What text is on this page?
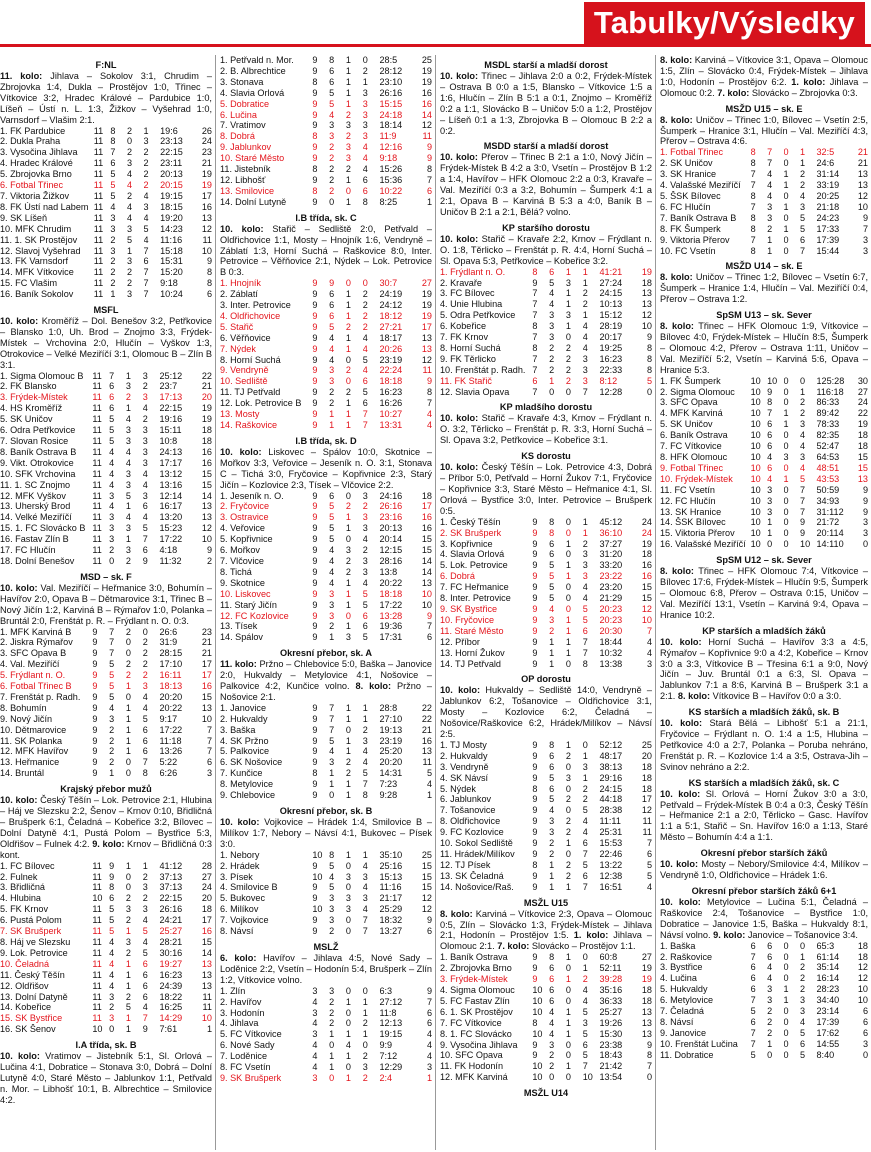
Tabulky/Výsledky
F:NL

11. kolo: Jihlava – Sokolov 3:1, Chrudim – Zbrojovka 1:4, Dukla – Prostějov 1:0, Třinec – Vítkovice 3:2, Hradec Králové – Pardubice 1:0, Líšeň – Ústí n. L. 1:3, Žižkov – Vyšehrad 1:0, Varnsdorf – Vlašim 2:1.

1. FK Pardubice	11	8	2	1	19:6	26
2. Dukla Praha	11	8	0	3	23:13	24
3. Vysočina Jihlava	11	7	2	2	22:15	23
4. Hradec Králové	11	6	3	2	23:11	21
5. Zbrojovka Brno	11	5	4	2	20:13	19
6. Fotbal Třinec	11	5	4	2	20:15	19
7. Viktoria Žižkov	11	5	2	4	19:15	17
8. FK Ústí nad Labem	11	4	4	3	18:15	16
9. SK Líšeň	11	3	4	4	19:20	13
10. MFK Chrudim	11	3	3	5	14:23	12
11. 1. SK Prostějov	11	2	5	4	11:16	11
12. Slavoj Vyšehrad	11	3	1	7	15:18	10
13. FK Varnsdorf	11	2	3	6	15:31	9
14. MFK Vítkovice	11	2	2	7	15:20	8
15. FC Vlašim	11	2	2	7	9:18	8
16. Baník Sokolov	11	1	3	7	10:24	6
MSFL

10. kolo: Kroměříž – Dol. Benešov 3:2, Petřkovice – Blansko 1:0, Uh. Brod – Znojmo 3:3, Frýdek-Místek – Vrchovina 2:0, Hlučín – Vyškov 1:3, Otrokovice – Velké Meziříčí 3:1, Olomouc B – Zlín B 3:1.

1. Sigma Olomouc B	11	7	1	3	25:12	22
2. FK Blansko	11	6	3	2	23:7	21
3. Frýdek-Místek	11	6	2	3	17:13	20
4. HS Kroměříž	11	6	1	4	22:15	19
5. SK Uničov	11	5	4	2	19:16	19
6. Odra Petřkovice	11	5	3	3	15:11	18
7. Slovan Rosice	11	5	3	3	10:8	18
8. Baník Ostrava B	11	4	4	3	24:13	16
9. Vikt. Otrokovice	11	4	4	3	17:17	16
10. SFK Vrchovina	11	4	3	4	13:12	15
11. 1. SC Znojmo	11	4	3	4	13:16	15
12. MFK Vyškov	11	3	5	3	12:14	14
13. Uherský Brod	11	4	1	6	16:17	13
14. Velké Meziříčí	11	3	4	4	13:20	13
15. 1. FC Slovácko B	11	3	3	5	15:23	12
16. Fastav Zlín B	11	3	1	7	17:22	10
17. FC Hlučín	11	2	3	6	4:18	9
18. Dolní Benešov	11	0	2	9	11:32	2
MSD – sk. F

10. kolo: Val. Meziříčí – Heřmanice 3:0, Bohumín – Havířov 2:0, Opava B – Dětmarovice 3:1, Třinec B – Nový Jičín 1:2, Karviná B – Rýmařov 1:0, Polanka – Bruntál 2:0, Frenštát p. R. – Frýdlant n. O. 0:3.

1. MFK Karviná B	9	7	2	0	26:6	23
2. Jiskra Rýmařov	9	7	0	2	31:9	21
3. SFC Opava B	9	7	0	2	28:15	21
4. Val. Meziříčí	9	5	2	2	17:10	17
5. Frýdlant n. O.	9	5	2	2	16:11	17
6. Fotbal Třinec B	9	5	1	3	18:13	16
7. Frenštát p. Radh.	9	5	0	4	20:20	15
8. Bohumín	9	4	1	4	20:22	13
9. Nový Jičín	9	3	1	5	9:17	10
10. Dětmarovice	9	2	1	6	17:22	7
11. SK Polanka	9	2	1	6	11:18	7
12. MFK Havířov	9	2	1	6	13:26	7
13. Heřmanice	9	2	0	7	5:22	6
14. Bruntál	9	1	0	8	6:26	3
Krajský přebor mužů

10. kolo: Český Těšín – Lok. Petrovice 2:1, Hlubina – Háj ve Slezsku 2:2, Šenov – Krnov 0:10, Břidličná – Brušperk 6:1, Čeladná – Kobeřice 3:2, Bílovec – Dolní Datyně 4:1, Pustá Polom – Bystřice 5:3, Oldřišov – Fulnek 4:2. 9. kolo: Krnov – Břidličná 0:3 kont.

1. FC Bílovec	11	9	1	1	41:12	28
2. Fulnek	11	9	0	2	37:13	27
3. Břidličná	11	8	0	3	37:13	24
4. Hlubina	10	6	2	2	22:15	20
5. FK Krnov	11	5	3	3	26:16	18
6. Pustá Polom	11	5	2	4	24:21	17
7. SK Brušperk	11	5	1	5	25:27	16
8. Háj ve Slezsku	11	4	3	4	28:21	15
9. Lok. Petrovice	11	4	2	5	30:16	14
10. Čeladná	11	4	1	6	19:27	13
11. Český Těšín	11	4	1	6	16:23	13
12. Oldřišov	11	4	1	6	24:39	13
13. Dolní Datyně	11	3	2	6	18:22	11
14. Kobeřice	11	2	5	4	16:25	11
15. SK Bystřice	11	3	1	7	14:29	10
16. SK Šenov	10	0	1	9	7:61	1
I.A třída, sk. B

10. kolo: Vratimov – Jistebník 5:1, Sl. Orlová – Lučina 4:1, Dobratice – Stonava 3:0, Dobrá – Dolní Lutyně 4:0, Staré Město – Jablunkov 1:1, Petřvald n. Mor. – Libhošť 10:1, B. Albrechtice – Smilovice 4:2.

1. Petřvald n. Mor.	9	8	1	0	28:5	25
2. B. Albrechtice	9	6	1	2	28:12	19
3. Stonava	8	6	1	1	23:10	19
4. Slavia Orlová	9	5	1	3	26:16	16
5. Dobratice	9	5	1	3	15:15	16
6. Lučina	9	4	2	3	24:18	14
7. Vratimov	9	3	3	3	18:14	12
8. Dobrá	8	3	2	3	11:9	11
9. Jablunkov	9	2	3	4	12:16	9
10. Staré Město	9	2	3	4	9:18	9
11. Jistebník	8	2	2	4	15:26	8
12. Libhošť	9	2	1	6	15:36	7
13. Smilovice	8	2	0	6	10:22	6
14. Dolní Lutyně	9	0	1	8	8:25	1
I.B třída, sk. C

10. kolo: Stařič – Sedliště 2:0, Petřvald – Oldřichovice 1:1, Mosty – Hnojník 1:6, Vendryně – Záblatí 1:3, Horní Suchá – Raškovice 8:0, Inter. Petrovice – Věřňovice 2:1, Nýdek – Lok. Petrovice B 0:3.

1. Hnojník	9	9	0	0	30:7	27
2. Záblatí	9	6	1	2	24:19	19
3. Inter. Petrovice	9	6	1	2	24:12	19
4. Oldřichovice	9	6	1	2	18:12	19
5. Stařič	9	5	2	2	27:21	17
6. Věřňovice	9	4	1	4	18:17	13
7. Nýdek	9	4	1	4	20:26	13
8. Horní Suchá	9	4	0	5	23:19	12
9. Vendryně	9	3	2	4	22:24	11
10. Sedliště	9	3	0	6	18:18	9
11. TJ Petřvald	9	2	2	5	16:23	8
12. Lok. Petrovice B	9	2	1	6	16:26	7
13. Mosty	9	1	1	7	10:27	4
14. Raškovice	9	1	1	7	13:31	4
I.B třída, sk. D

10. kolo: Liskovec – Spálov 10:0, Skotnice – Mořkov 3:3, Veřovice – Jeseník n. O. 3:1, Stonava C – Tichá 3:0, Fryčovice – Kopřivnice 2:3, Starý Jičín – Kozlovice 2:3, Tísek – Vlčovice 2:2.

1. Jeseník n. O.	9	6	0	3	24:16	18
2. Fryčovice	9	5	2	2	26:16	17
3. Ostravice	9	5	1	3	23:16	16
4. Veřovice	9	5	1	3	20:13	16
5. Kopřivnice	9	5	0	4	20:14	15
6. Mořkov	9	4	3	2	12:15	15
7. Vlčovice	9	4	2	3	28:16	14
8. Tichá	9	4	2	3	13:8	14
9. Skotnice	9	4	1	4	20:22	13
10. Liskovec	9	3	1	5	18:18	10
11. Starý Jičín	9	3	1	5	17:22	10
12. FC Kozlovice	9	3	0	6	13:28	9
13. Tísek	9	2	1	6	19:36	7
14. Spálov	9	1	3	5	17:31	6
Okresní přebor, sk. A

11. kolo: Pržno – Chlebovice 5:0, Baška – Janovice 2:0, Hukvaldy – Metylovice 4:1, Nošovice – Palkovice 4:2, Kunčice volno. 8. kolo: Pržno – Nošovice 2:1.

1. Janovice	9	7	1	1	28:8	22
2. Hukvaldy	9	7	1	1	27:10	22
3. Baška	9	7	0	2	19:13	21
4. SK Pržno	9	5	1	3	23:19	16
5. Palkovice	9	4	1	4	25:20	13
6. SK Nošovice	9	3	2	4	20:20	11
7. Kunčice	8	1	2	5	14:31	5
8. Metylovice	9	1	1	7	7:23	4
9. Chlebovice	9	0	1	8	9:28	1
Okresní přebor, sk. B

10. kolo: Vojkovice – Hrádek 1:4, Smilovice B – Milíkov 1:7, Nebory – Návsí 4:1, Bukovec – Písek 3:0.

1. Nebory	10	8	1	1	35:10	25
2. Hrádek	9	5	0	4	25:16	15
3. Písek	10	4	3	3	15:13	15
4. Smilovice B	9	5	0	4	11:16	15
5. Bukovec	9	3	3	3	21:17	12
6. Milíkov	10	3	3	4	25:29	12
7. Vojkovice	9	3	0	7	18:32	9
8. Návsí	9	2	0	7	13:27	6
MSLŽ

6. kolo: Havířov – Jihlava 4:5, Nové Sady – Loděnice 2:2, Vsetín – Hodonín 5:4, Brušperk – Zlín 1:2, Vítkovice volno.

1. Zlín	3	3	0	0	6:3	9
2. Havířov	4	2	1	1	27:12	7
3. Hodonín	3	2	0	1	11:8	6
4. Jihlava	4	2	0	2	12:13	6
5. FC Vítkovice	3	1	1	1	19:15	4
6. Nové Sady	4	0	4	0	9:9	4
7. Loděnice	4	1	1	2	7:12	4
8. FC Vsetín	4	1	0	3	12:29	3
9. SK Brušperk	3	0	1	2	2:4	1
MSDL starší a mladší dorost

10. kolo: Třinec – Jihlava 2:0 a 0:2, Frýdek-Místek – Ostrava B 0:0 a 1:5, Blansko – Vítkovice 1:5 a 1:6, Hlučín – Zlín B 5:1 a 0:1, Znojmo – Kroměříž 0:2 a 1:1, Slovácko B – Uničov 5:0 a 1:2, Prostějov – Líšeň 0:1 a 1:3, Zbrojovka B – Olomouc B 2:2 a 0:2.

MSDD starší a mladší dorost

10. kolo: Přerov – Třinec B 2:1 a 1:0, Nový Jičín – Frýdek-Místek B 4:2 a 3:0, Vsetín – Prostějov B 1:2 a 1:4, Havířov – HFK Olomouc 2:2 a 0:3, Kravaře – Val. Meziříčí 0:3 a 3:2, Bohumín – Šumperk 4:1 a 2:1, Opava B – Karviná B 5:3 a 4:0, Baník B – Uničov B 2:1 a 2:1, Bělá? volno.

KP staršího dorostu

10. kolo: Stařič – Kravaře 2:2, Krnov – Frýdlant n. O. 1:8, Těrlicko – Frenštát p. R. 4:4, Horní Suchá – Sl. Opava 5:3, Petřkovice – Kobeřice 3:2.

1. Frýdlant n. O.	8	6	1	1	41:21	19
2. Kravaře	9	5	3	1	27:24	18
3. FC Bílovec	7	4	1	2	24:15	13
4. Unie Hlubina	7	4	1	2	10:13	13
5. Odra Petřkovice	7	3	3	1	15:12	12
6. Kobeřice	8	3	1	4	28:19	10
7. FK Krnov	7	3	0	4	20:17	9
8. Horní Suchá	8	2	2	4	19:25	8
9. FK Těrlicko	7	2	2	3	16:23	8
10. Frenštát p. Radh.	7	2	2	3	22:33	8
11. FK Stařič	6	1	2	3	8:12	5
12. Slavia Opava	7	0	0	7	12:28	0
KP mladšího dorostu

10. kolo: Stařič – Kravaře 4:3, Krnov – Frýdlant n. O. 3:2, Těrlicko – Frenštát p. R. 3:3, Horní Suchá – Sl. Opava 3:2, Petřkovice – Kobeřice 3:1.

KS dorostu

10. kolo: Český Těšín – Lok. Petrovice 4:3, Dobrá – Příbor 5:0, Petřvald – Horní Žukov 7:1, Fryčovice – Kopřivnice 3:3, Staré Město – Heřmanice 4:1, Sl. Orlová – Bystřice 3:0, Inter. Petrovice – Brušperk 0:5.

1. Český Těšín	9	8	0	1	45:12	24
2. SK Brušperk	9	8	0	1	36:10	24
3. Kopřivnice	9	6	1	2	37:27	19
4. Slavia Orlová	9	6	0	3	31:20	18
5. Lok. Petrovice	9	5	1	3	33:20	16
6. Dobrá	9	5	1	3	23:22	16
7. FC Heřmanice	9	5	0	4	23:20	15
8. Inter. Petrovice	9	5	0	4	21:29	15
9. SK Bystřice	9	4	0	5	20:23	12
10. Fryčovice	9	3	1	5	20:23	10
11. Staré Město	9	2	1	6	20:30	7
12. Příbor	9	1	1	7	18:44	4
13. Horní Žukov	9	1	1	7	10:32	4
14. TJ Petřvald	9	1	0	8	13:38	3
OP dorostu

10. kolo: Hukvaldy – Sedliště 14:0, Vendryně – Jablunkov 6:2, Tošanovice – Oldřichovice 3:1, Mosty – Kozlovice 6:2, Čeladná – Nošovice/Raškovice 6:2, Hrádek/Milíkov – Návsí 2:5.

1. TJ Mosty	9	8	1	0	52:12	25
2. Hukvaldy	9	6	2	1	48:17	20
3. Vendryně	9	6	0	3	38:13	18
4. SK Návsí	9	5	3	1	29:16	18
5. Nýdek	8	6	0	2	24:15	18
6. Jablunkov	9	5	2	2	44:18	17
7. Tošanovice	9	4	0	5	28:38	12
8. Oldřichovice	9	3	2	4	11:11	11
9. FC Kozlovice	9	3	2	4	25:31	11
10. Sokol Sedliště	9	2	1	6	15:53	7
11. Hrádek/Milíkov	9	2	0	7	22:46	6
12. TJ Písek	8	1	2	5	13:22	5
13. SK Čeladná	9	1	2	6	12:38	5
14. Nošovice/Raš.	9	1	1	7	16:51	4
MSŽL U15

8. kolo: Karviná – Vítkovice 2:3, Opava – Olomouc 0:5, Zlín – Slovácko 1:3, Frýdek-Místek – Jihlava 2:1, Hodonín – Prostějov 1:5. 1. kolo: Jihlava – Olomouc 2:1. 7. kolo: Slovácko – Prostějov 1:1.

1. Baník Ostrava	9	8	1	0	60:8	27
2. Zbrojovka Brno	9	6	0	1	52:11	19
3. Frýdek-Místek	9	6	1	2	39:28	19
4. Sigma Olomouc	10	6	0	4	35:16	18
5. FC Fastav Zlín	10	6	0	4	36:33	18
6. 1. SK Prostějov	10	4	1	5	25:27	13
7. FC Vítkovice	8	4	1	3	19:26	13
8. 1. FC Slovácko	10	4	1	5	15:30	13
9. Vysočina Jihlava	9	3	0	6	23:38	9
10. SFC Opava	9	2	0	5	18:43	8
11. FK Hodonín	10	2	1	7	21:42	7
12. MFK Karviná	10	0	0	10	13:54	0
MSŽL U14

8. kolo: Karviná – Vítkovice 3:1, Opava – Olomouc 1:5, Zlín – Slovácko 0:4, Frýdek-Místek – Jihlava 1:0, Hodonín – Prostějov 6:2. 1. kolo: Jihlava – Olomouc 0:2. 7. kolo: Slovácko – Zbrojovka 0:3.

MSŽD U15 – sk. E

8. kolo: Uničov – Třinec 1:0, Bílovec – Vsetín 2:5, Šumperk – Hranice 3:1, Hlučín – Val. Meziříčí 4:3, Přerov – Ostrava 4:6.

1. Fotbal Třinec	8	7	0	1	32:5	21
2. SK Uničov	8	7	0	1	24:6	21
3. SK Hranice	7	4	1	2	31:14	13
4. Valašské Meziříčí	7	4	1	2	33:19	13
5. ŠSK Bílovec	8	4	0	4	20:25	12
6. FC Hlučín	7	3	1	3	21:18	10
7. Baník Ostrava B	8	3	0	5	24:23	9
8. FK Šumperk	8	2	1	5	17:33	7
9. Viktoria Přerov	7	1	0	6	17:39	3
10. FC Vsetín	8	1	0	7	15:44	3
MSŽD U14 – sk. E

8. kolo: Uničov – Třinec 1:2, Bílovec – Vsetín 6:7, Šumperk – Hranice 1:4, Hlučín – Val. Meziříčí 0:4, Přerov – Ostrava 1:2.

SpSM U13 – sk. Sever

8. kolo: Třinec – HFK Olomouc 1:9, Vítkovice – Bílovec 4:0, Frýdek-Místek – Hlučín 8:5, Šumperk – Olomouc 4:2, Přerov – Ostrava 1:11, Uničov – Val. Meziříčí 5:2, Vsetín – Karviná 5:6, Opava – Hranice 5:3.

1. FK Šumperk	10	10	0	0	125:28	30
2. Sigma Olomouc	10	9	0	1	116:18	27
3. SFC Opava	10	8	0	2	86:33	24
4. MFK Karviná	10	7	1	2	89:42	22
5. SK Uničov	10	6	1	3	78:33	19
6. Baník Ostrava	10	6	0	4	82:35	18
7. FC Vítkovice	10	6	0	4	52:47	18
8. HFK Olomouc	10	4	3	3	64:53	15
9. Fotbal Třinec	10	6	0	4	48:51	15
10. Frýdek-Místek	10	4	1	5	43:53	13
11. FC Vsetín	10	3	0	7	50:59	9
12. FC Hlučín	10	3	0	7	34:93	9
13. SK Hranice	10	3	0	7	31:112	9
14. ŠSK Bílovec	10	1	0	9	21:72	3
15. Viktoria Přerov	10	1	0	9	20:114	3
16. Valašské Meziříčí	10	0	0	10	14:110	0
SpSM U12 – sk. Sever

8. kolo: Třinec – HFK Olomouc 7:4, Vítkovice – Bílovec 17:6, Frýdek-Místek – Hlučín 9:5, Šumperk – Olomouc 6:8, Přerov – Ostrava 0:15, Uničov – Val. Meziříčí 13:1, Vsetín – Karviná 9:4, Opava – Hranice 10:2.

KP starších a mladších žáků

10. kolo: Horní Suchá – Havířov 3:3 a 4:5, Rýmařov – Kopřivnice 9:0 a 4:2, Kobeřice – Krnov 3:0 a 3:3, Vítkovice B – Třesina 6:1 a 9:0, Nový Jičín – Juv. Bruntál 0:1 a 6:3, Sl. Opava – Jablunkov 7:1 a 8:6, Karviná B – Brušperk 3:1 a 2:1. 8. kolo: Vítkovice B – Havířov 0:0 a 3:0.

KS starších a mladších žáků, sk. B

10. kolo: Stará Bělá – Libhošť 5:1 a 21:1, Fryčovice – Frýdlant n. O. 1:4 a 1:5, Hlubina – Petřkovice 4:0 a 2:7, Polanka – Poruba nehráno, Frenštát p. R. – Kozlovice 1:4 a 3:5, Ostrava-Jih – Svinov nehráno a 2:2.

KS starších a mladších žáků, sk. C

10. kolo: Sl. Orlová – Horní Žukov 3:0 a 3:0, Petřvald – Frýdek-Místek B 0:4 a 0:3, Český Těšín – Heřmanice 2:1 a 2:0, Těrlicko – Gasc. Havířov 1:1 a 5:1, Stařič – Sn. Havířov 16:0 a 1:13, Staré Město – Bohumín 4:4 a 1:1.

Okresní přebor starších žáků

10. kolo: Mosty – Nebory/Smilovice 4:4, Milíkov – Vendryně 1:0, Oldřichovice – Hrádek 1:6.

Okresní přebor starších žáků 6+1

10. kolo: Metylovice – Lučina 5:1, Čeladná – Raškovice 2:4, Tošanovice – Bystřice 1:0, Dobratice – Janovice 1:5, Baška – Hukvaldy 8:1, Návsí volno. 9. kolo: Janovice – Tošanovice 3:4.

1. Baška	6	6	0	0	65:3	18
2. Raškovice	7	6	0	1	61:14	18
3. Bystřice	6	4	0	2	35:14	12
4. Lučina	6	4	0	2	16:14	12
5. Hukvaldy	6	3	1	2	28:23	10
6. Metylovice	7	3	1	3	34:40	10
7. Čeladná	5	2	0	3	23:14	6
8. Návsí	6	2	0	4	17:39	6
9. Janovice	7	2	0	5	17:62	6
10. Frenštát Lučina	7	1	0	6	14:55	3
11. Dobratice	5	0	0	5	8:40	0
